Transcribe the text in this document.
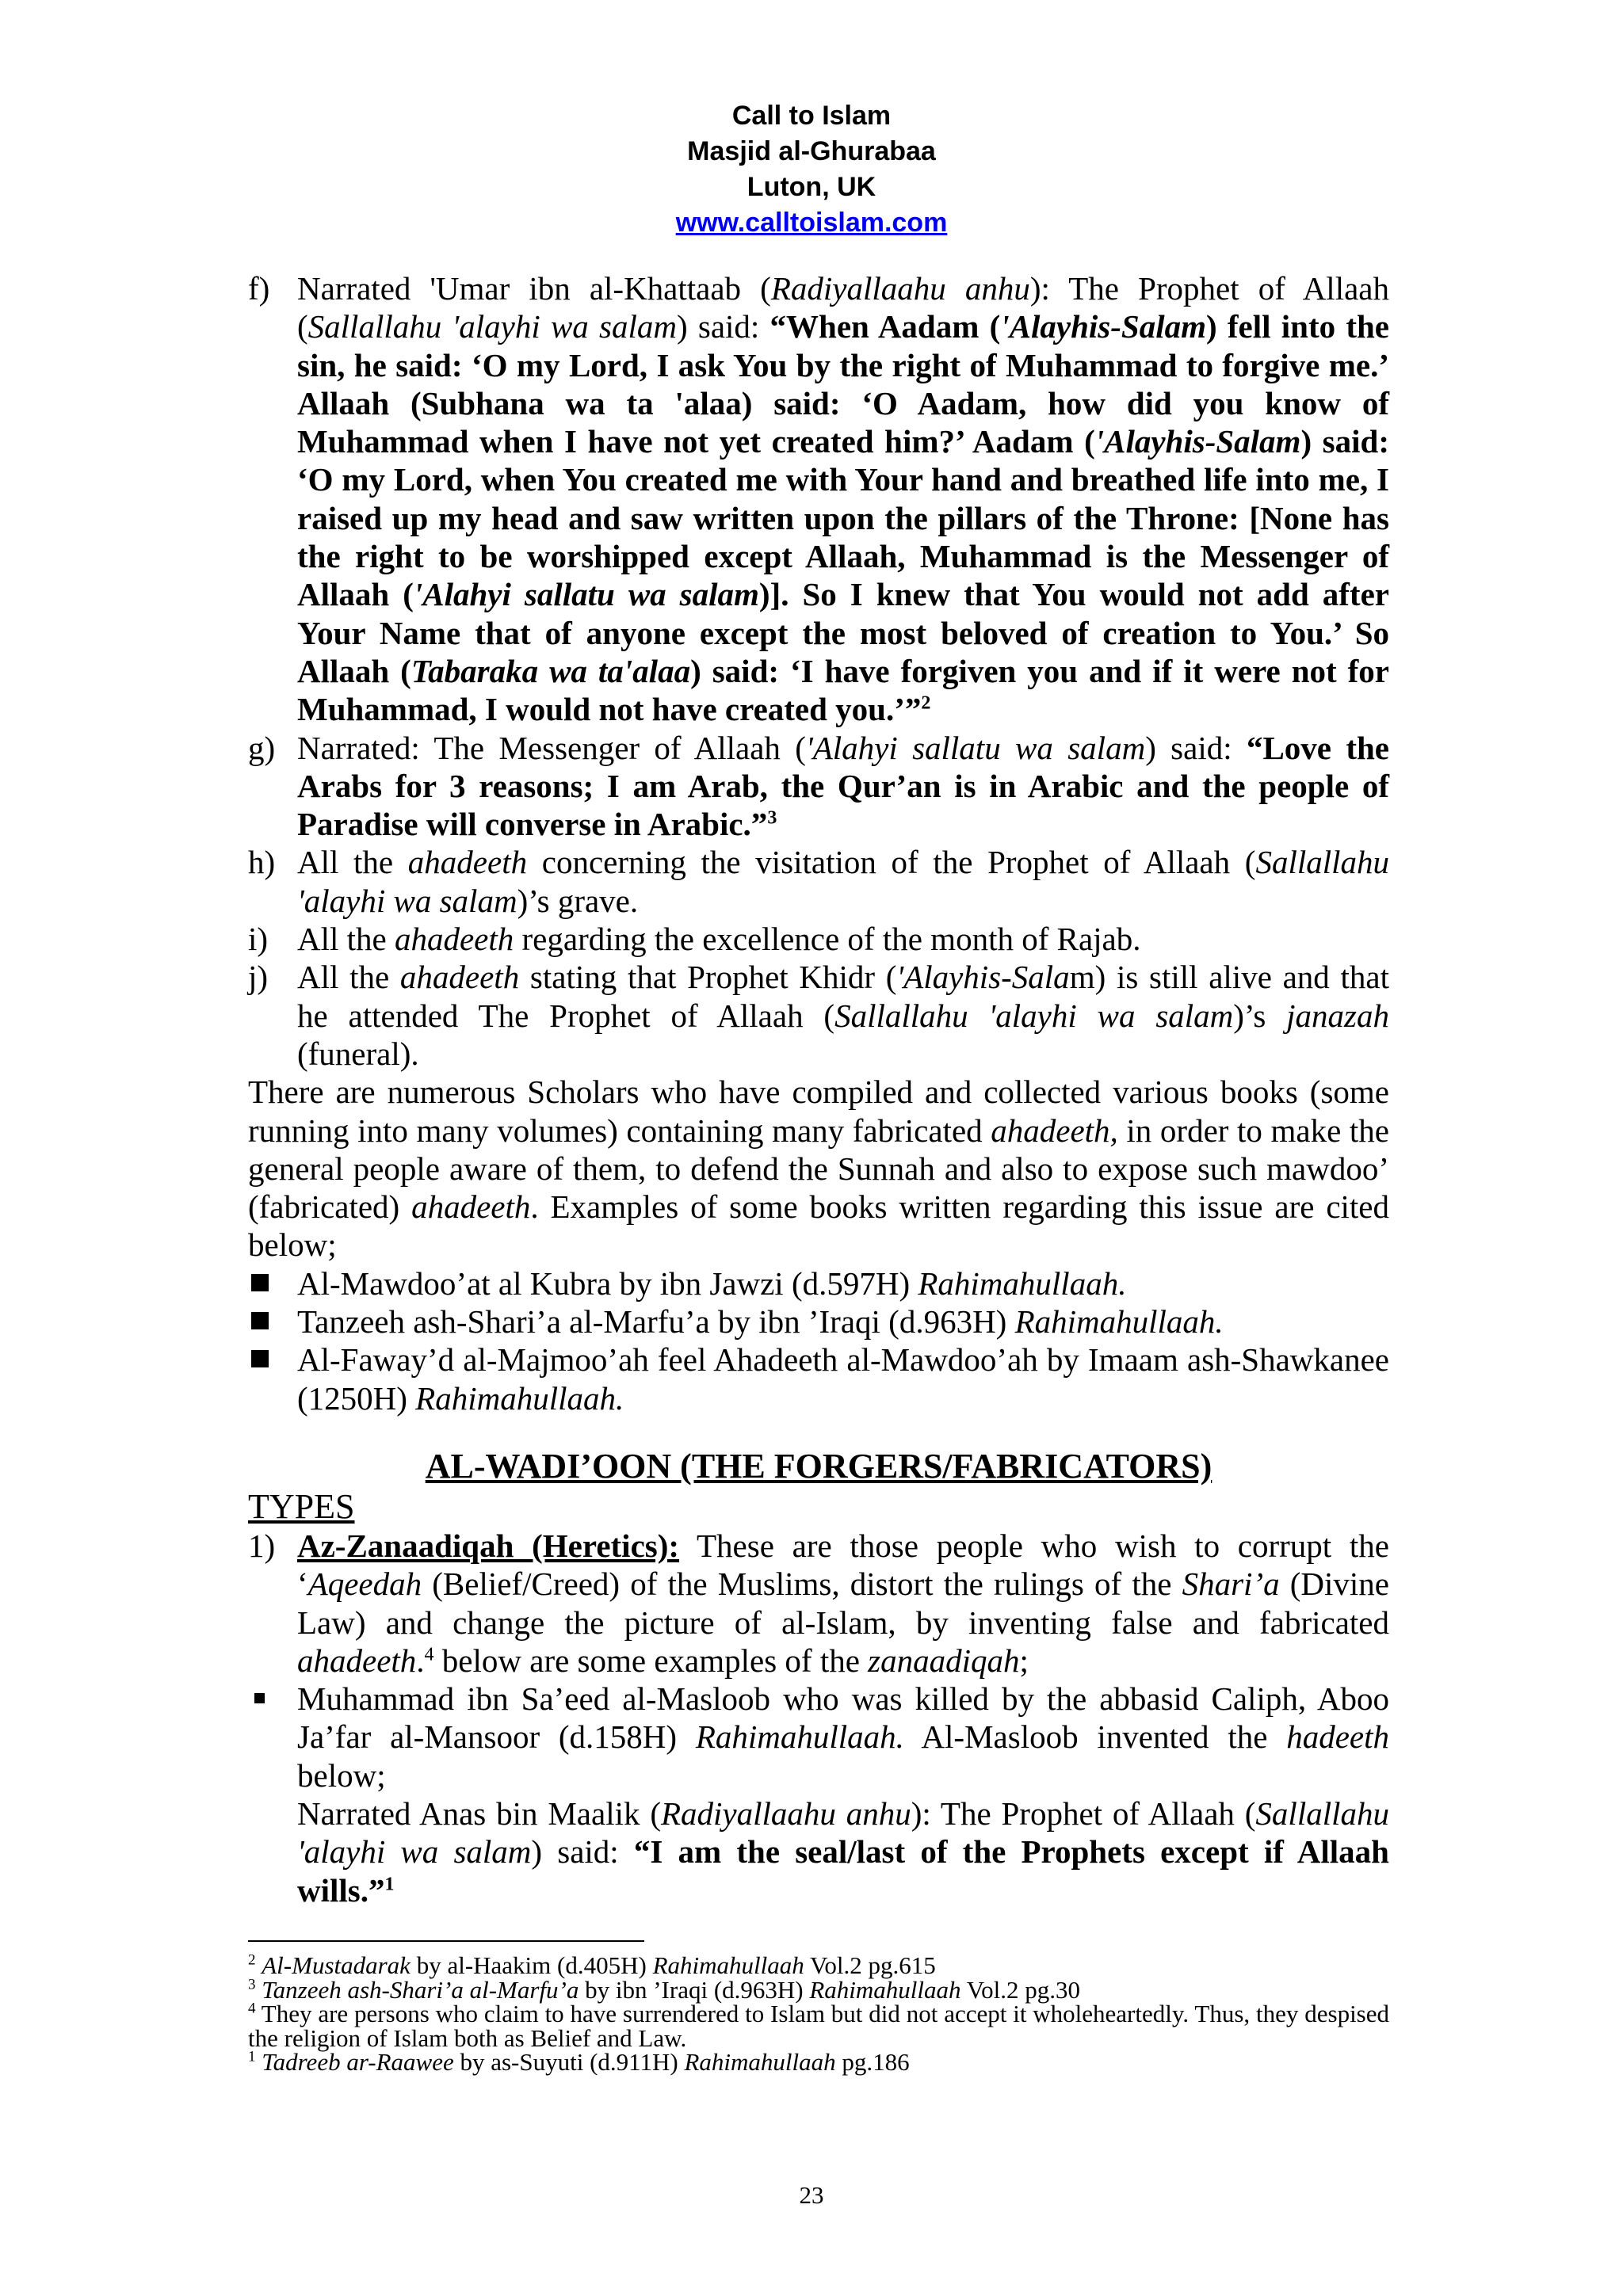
Call to Islam
Masjid al-Ghurabaa
Luton, UK
www.calltoislam.com
f) Narrated 'Umar ibn al-Khattaab (Radiyallaahu anhu): The Prophet of Allaah (Sallallahu 'alayhi wa salam) said: “When Aadam ('Alayhis-Salam) fell into the sin, he said: ‘O my Lord, I ask You by the right of Muhammad to forgive me.’ Allaah (Subhana wa ta 'alaa) said: ‘O Aadam, how did you know of Muhammad when I have not yet created him?’ Aadam ('Alayhis-Salam) said: ‘O my Lord, when You created me with Your hand and breathed life into me, I raised up my head and saw written upon the pillars of the Throne: [None has the right to be worshipped except Allaah, Muhammad is the Messenger of Allaah ('Alahyi sallatu wa salam)]. So I knew that You would not add after Your Name that of anyone except the most beloved of creation to You.’ So Allaah (Tabaraka wa ta'alaa) said: ‘I have forgiven you and if it were not for Muhammad, I would not have created you.’”$^2$
g) Narrated: The Messenger of Allaah ('Alahyi sallatu wa salam) said: “Love the Arabs for 3 reasons; I am Arab, the Qur’an is in Arabic and the people of Paradise will converse in Arabic.”$^3$
h) All the ahadeeth concerning the visitation of the Prophet of Allaah (Sallallahu 'alayhi wa salam)’s grave.
i) All the ahadeeth regarding the excellence of the month of Rajab.
j) All the ahadeeth stating that Prophet Khidr ('Alayhis-Salam) is still alive and that he attended The Prophet of Allaah (Sallallahu 'alayhi wa salam)’s janazah (funeral).

There are numerous Scholars who have compiled and collected various books (some running into many volumes) containing many fabricated ahadeeth, in order to make the general people aware of them, to defend the Sunnah and also to expose such mawdoo’ (fabricated) ahadeeth. Examples of some books written regarding this issue are cited below;

Al-Mawdoo’at al Kubra by ibn Jawzi (d.597H) Rahimahullaah.
Tanzeeh ash-Shari’a al-Marfu’a by ibn ’Iraqi (d.963H) Rahimahullaah.
Al-Faway’d al-Majmoo’ah feel Ahadeeth al-Mawdoo’ah by Imaam ash-Shawkanee (1250H) Rahimahullaah.
AL-WADI’OON (THE FORGERS/FABRICATORS)
TYPES
1) Az-Zanaadiqah (Heretics): These are those people who wish to corrupt the ‘Aqeedah (Belief/Creed) of the Muslims, distort the rulings of the Shari’a (Divine Law) and change the picture of al-Islam, by inventing false and fabricated ahadeeth.$^4$ below are some examples of the zanaadiqah;
Muhammad ibn Sa’eed al-Masloob who was killed by the abbasid Caliph, Aboo Ja’far al-Mansoor (d.158H) Rahimahullaah. Al-Masloob invented the hadeeth below;
Narrated Anas bin Maalik (Radiyallaahu anhu): The Prophet of Allaah (Sallallahu 'alayhi wa salam) said: “I am the seal/last of the Prophets except if Allaah wills.”$^1$

$^2$ Al-Mustadarak by al-Haakim (d.405H) Rahimahullaah Vol.2 pg.615

$^3$ Tanzeeh ash-Shari’a al-Marfu’a by ibn ’Iraqi (d.963H) Rahimahullaah Vol.2 pg.30

$^4$ They are persons who claim to have surrendered to Islam but did not accept it wholeheartedly. Thus, they despised the religion of Islam both as Belief and Law.

$^1$ Tadreeb ar-Raawee by as-Suyuti (d.911H) Rahimahullaah pg.186

23
